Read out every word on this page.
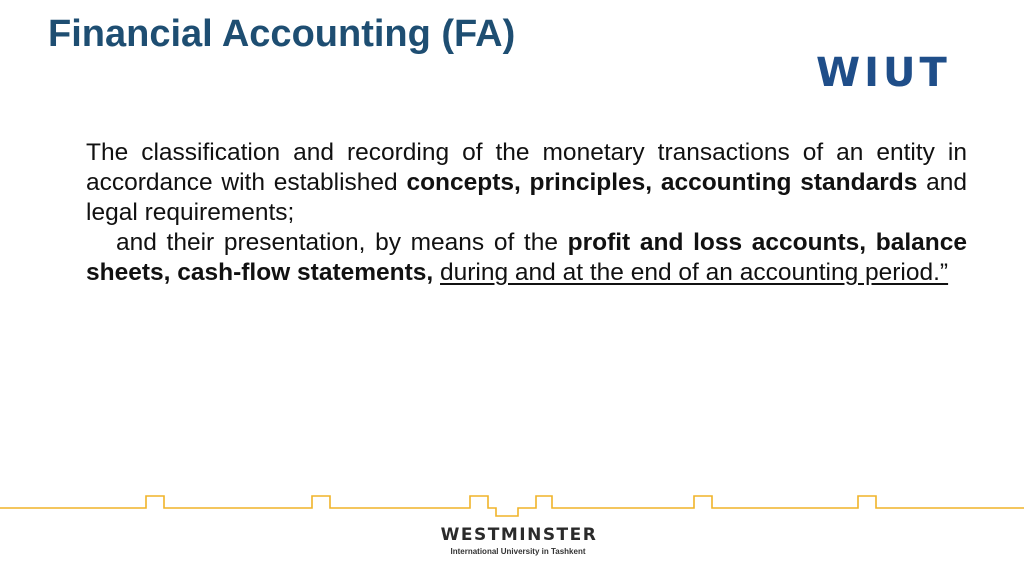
Financial Accounting (FA)
WIUT

The classification and recording of the monetary transactions of an entity in accordance with established concepts, principles, accounting standards and legal requirements;

and their presentation, by means of the profit and loss accounts, balance sheets, cash-flow statements, during and at the end of an accounting period.”

WESTMINSTER
International University in Tashkent
